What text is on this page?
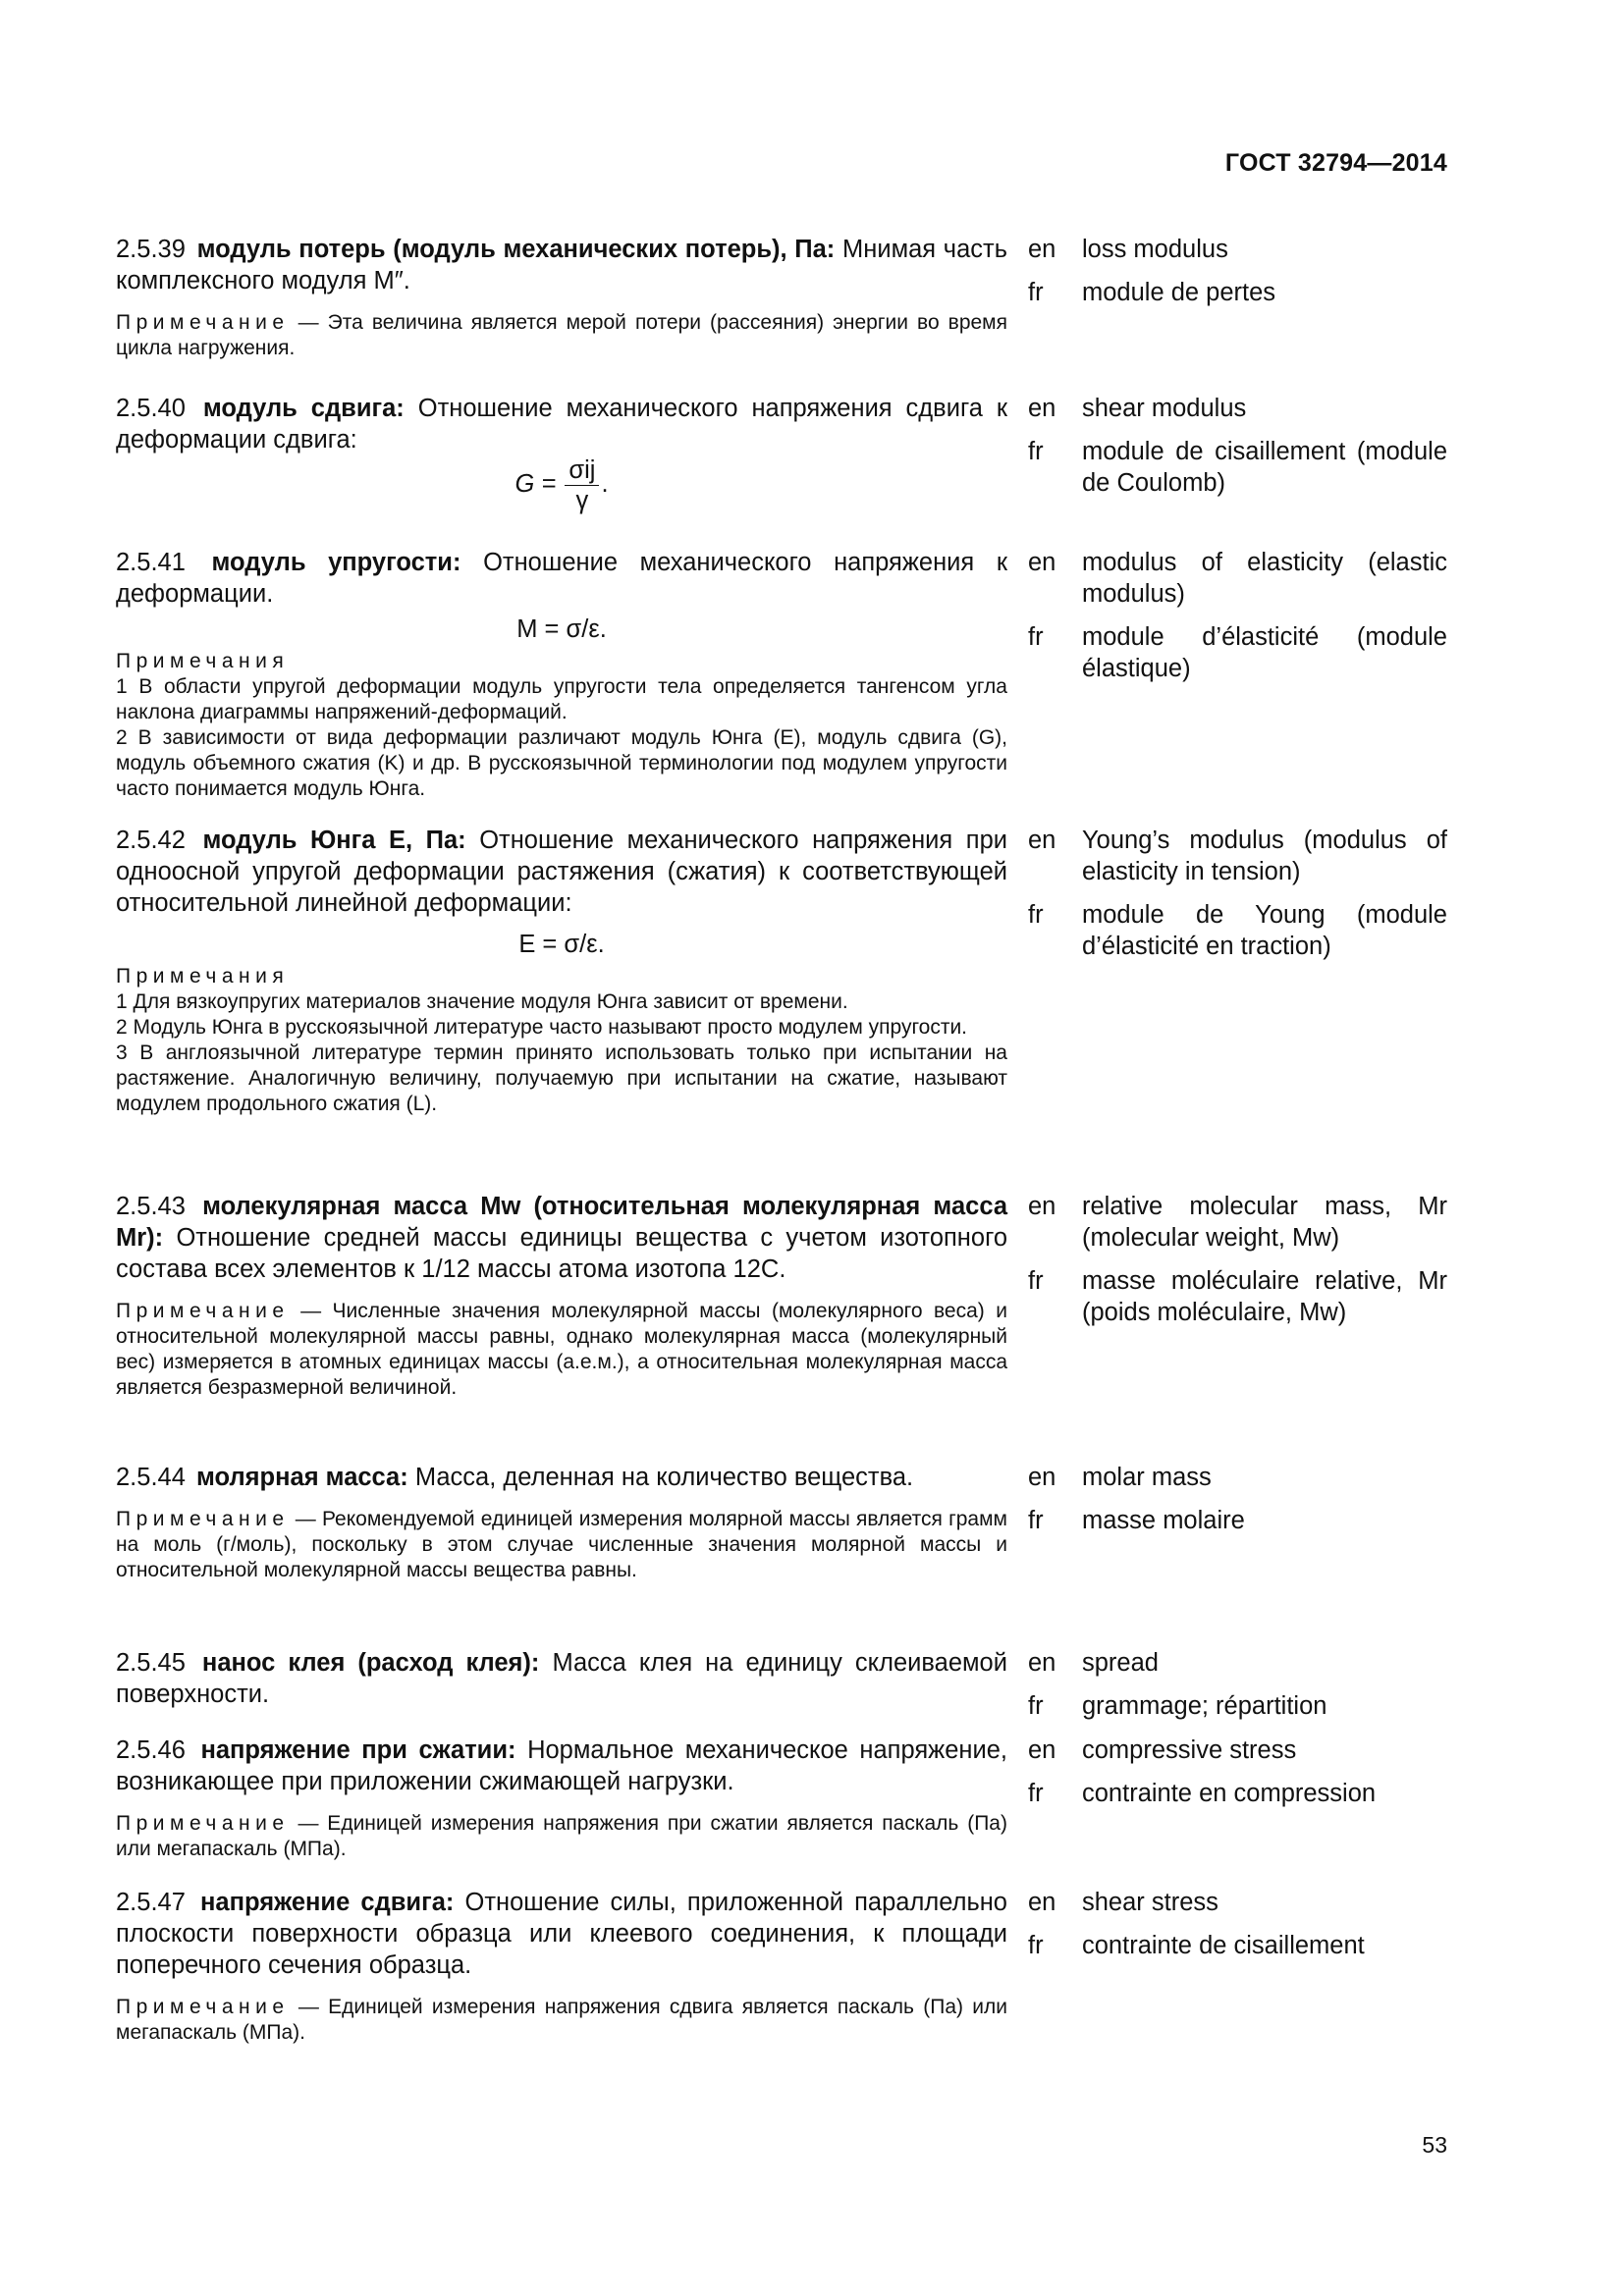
ГОСТ 32794—2014

2.5.39 модуль потерь (модуль механических потерь), Па: Мнимая часть комплексного модуля M″.

Примечание — Эта величина является мерой потери (рассеяния) энергии во время цикла нагружения.

en	loss modulus
fr	module de pertes

2.5.40 модуль сдвига: Отношение механического напряжения сдвига к деформации сдвига:

$G = \frac{\text{σij}}{\gamma}$ .
en	shear modulus
fr	module de cisaillement (module de Coulomb)

2.5.41 модуль упругости: Отношение механического напряжения к деформации.

M = σ/ε.

Примечания

1 В области упругой деформации модуль упругости тела определяется тангенсом угла наклона диаграммы напряжений-деформаций.

2 В зависимости от вида деформации различают модуль Юнга (E), модуль сдвига (G), модуль объемного сжатия (K) и др. В русскоязычной терминологии под модулем упругости часто понимается модуль Юнга.

en	modulus of elasticity (elastic modulus)
fr	module d’élasticité (module élastique)

2.5.42 модуль Юнга E, Па: Отношение механического напряжения при одноосной упругой деформации растяжения (сжатия) к соответствующей относительной линейной деформации:

E = σ/ε.

Примечания

1 Для вязкоупругих материалов значение модуля Юнга зависит от времени.

2 Модуль Юнга в русскоязычной литературе часто называют просто модулем упругости.

3 В англоязычной литературе термин принято использовать только при испытании на растяжение. Аналогичную величину, получаемую при испытании на сжатие, называют модулем продольного сжатия (L).

en	Young’s modulus (modulus of elasticity in tension)
fr	module de Young (module d’élasticité en traction)

2.5.43 молекулярная масса Mw (относительная молекулярная масса Mr): Отношение средней массы единицы вещества с учетом изотопного состава всех элементов к 1/12 массы атома изотопа 12C.

Примечание — Численные значения молекулярной массы (молекулярного веса) и относительной молекулярной массы равны, однако молекулярная масса (молекулярный вес) измеряется в атомных единицах массы (а.е.м.), а относительная молекулярная масса является безразмерной величиной.

en	relative molecular mass, Mr (molecular weight, Mw)
fr	masse moléculaire relative, Mr (poids moléculaire, Mw)

2.5.44 молярная масса: Масса, деленная на количество вещества.

Примечание — Рекомендуемой единицей измерения молярной массы является грамм на моль (г/моль), поскольку в этом случае численные значения молярной массы и относительной молекулярной массы вещества равны.

en	molar mass
fr	masse molaire

2.5.45 нанос клея (расход клея): Масса клея на единицу склеиваемой поверхности.

en	spread
fr	grammage; répartition

2.5.46 напряжение при сжатии: Нормальное механическое напряжение, возникающее при приложении сжимающей нагрузки.

Примечание — Единицей измерения напряжения при сжатии является паскаль (Па) или мегапаскаль (МПа).

en	compressive stress
fr	contrainte en compression

2.5.47 напряжение сдвига: Отношение силы, приложенной параллельно плоскости поверхности образца или клеевого соединения, к площади поперечного сечения образца.

Примечание — Единицей измерения напряжения сдвига является паскаль (Па) или мегапаскаль (МПа).

en	shear stress
fr	contrainte de cisaillement
53
